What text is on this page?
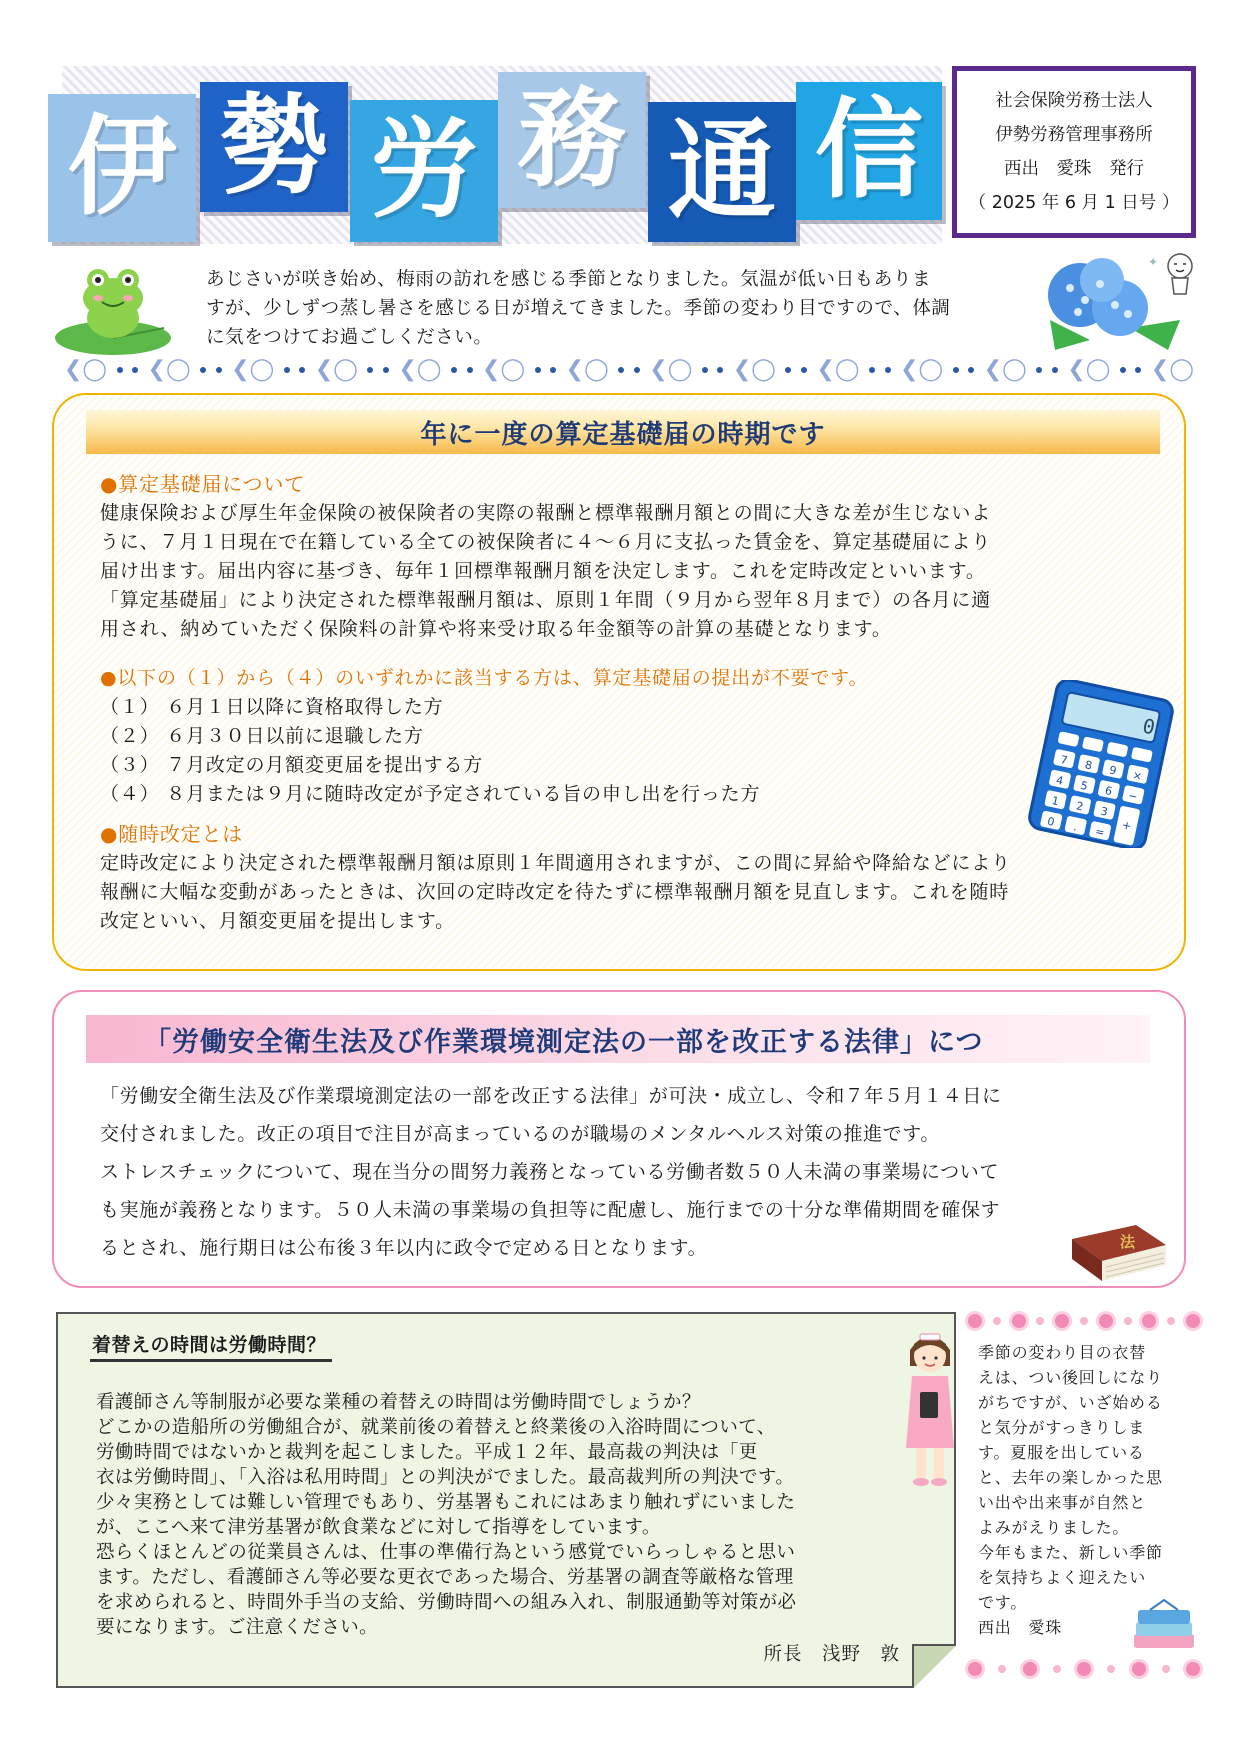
伊 勢 労 務 通 信	社会保険労務士法人
伊勢労務管理事務所
西出　愛珠　発行
（ 2025 年 6 月 1 日号 ）
あじさいが咲き始め、梅雨の訪れを感じる季節となりました。気温が低い日もありま
すが、少しずつ蒸し暑さを感じる日が増えてきました。季節の変わり目ですので、体調
に気をつけてお過ごしください。
✦
❮◯ ❮◯ ❮◯ ❮◯ ❮◯ ❮◯ ❮◯ ❮◯ ❮◯ ❮◯ ❮◯ ❮◯ ❮◯ ❮◯
年に一度の算定基礎届の時期です
●算定基礎届について
健康保険および厚生年金保険の被保険者の実際の報酬と標準報酬月額との間に大きな差が生じないよ
うに、７月１日現在で在籍している全ての被保険者に４～６月に支払った賃金を、算定基礎届により
届け出ます。届出内容に基づき、毎年１回標準報酬月額を決定します。これを定時改定といいます。
「算定基礎届」により決定された標準報酬月額は、原則１年間（９月から翌年８月まで）の各月に適
用され、納めていただく保険料の計算や将来受け取る年金額等の計算の基礎となります。
●以下の（１）から（４）のいずれかに該当する方は、算定基礎届の提出が不要です。
（１） ６月１日以降に資格取得した方
（２） ６月３０日以前に退職した方
（３） ７月改定の月額変更届を提出する方
（４） ８月または９月に随時改定が予定されている旨の申し出を行った方
0
7 8 9 ×
4 5 6 −
1 2 3
+
0 . =
●随時改定とは
定時改定により決定された標準報酬月額は原則１年間適用されますが、この間に昇給や降給などにより
報酬に大幅な変動があったときは、次回の定時改定を待たずに標準報酬月額を見直します。これを随時
改定といい、月額変更届を提出します。
「労働安全衛生法及び作業環境測定法の一部を改正する法律」につ
「労働安全衛生法及び作業環境測定法の一部を改正する法律」が可決・成立し、令和７年５月１４日に
交付されました。改正の項目で注目が高まっているのが職場のメンタルヘルス対策の推進です。
ストレスチェックについて、現在当分の間努力義務となっている労働者数５０人未満の事業場について
も実施が義務となります。５０人未満の事業場の負担等に配慮し、施行までの十分な準備期間を確保す
るとされ、施行期日は公布後３年以内に政令で定める日となります。	法
着替えの時間は労働時間？
看護師さん等制服が必要な業種の着替えの時間は労働時間でしょうか？
どこかの造船所の労働組合が、就業前後の着替えと終業後の入浴時間について、
労働時間ではないかと裁判を起こしました。平成１２年、最高裁の判決は「更
衣は労働時間」、「入浴は私用時間」との判決がでました。最高裁判所の判決です。
少々実務としては難しい管理でもあり、労基署もこれにはあまり触れずにいました
が、ここへ来て津労基署が飲食業などに対して指導をしています。
恐らくほとんどの従業員さんは、仕事の準備行為という感覚でいらっしゃると思い
ます。ただし、看護師さん等必要な更衣であった場合、労基署の調査等厳格な管理
を求められると、時間外手当の支給、労働時間への組み入れ、制服通勤等対策が必
要になります。ご注意ください。
所長　浅野　敦
季節の変わり目の衣替
えは、つい後回しになり
がちですが、いざ始める
と気分がすっきりしま
す。夏服を出している
と、去年の楽しかった思
い出や出来事が自然と
よみがえりました。
今年もまた、新しい季節
を気持ちよく迎えたい
です。
西出　愛珠
